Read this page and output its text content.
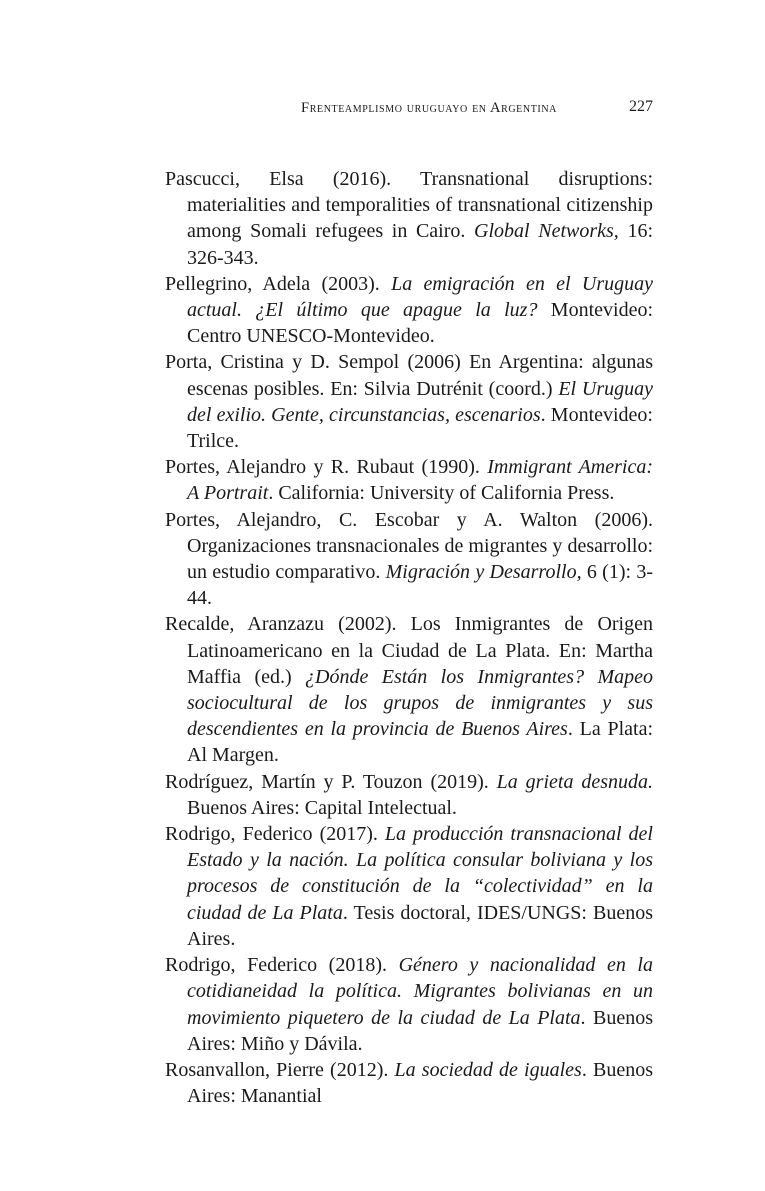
Frenteamplismo uruguayo en Argentina	227
Pascucci, Elsa (2016). Transnational disruptions: materialities and temporalities of transnational citizenship among Somali refugees in Cairo. Global Networks, 16: 326-343.
Pellegrino, Adela (2003). La emigración en el Uruguay actual. ¿El último que apague la luz? Montevideo: Centro UNESCO-Montevideo.
Porta, Cristina y D. Sempol (2006) En Argentina: algunas escenas posibles. En: Silvia Dutrénit (coord.) El Uruguay del exilio. Gente, circunstancias, escenarios. Montevideo: Trilce.
Portes, Alejandro y R. Rubaut (1990). Immigrant America: A Portrait. California: University of California Press.
Portes, Alejandro, C. Escobar y A. Walton (2006). Organizaciones transnacionales de migrantes y desarrollo: un estudio comparativo. Migración y Desarrollo, 6 (1): 3-44.
Recalde, Aranzazu (2002). Los Inmigrantes de Origen Latinoamericano en la Ciudad de La Plata. En: Martha Maffia (ed.) ¿Dónde Están los Inmigrantes? Mapeo sociocultural de los grupos de inmigrantes y sus descendientes en la provincia de Buenos Aires. La Plata: Al Margen.
Rodríguez, Martín y P. Touzon (2019). La grieta desnuda. Buenos Aires: Capital Intelectual.
Rodrigo, Federico (2017). La producción transnacional del Estado y la nación. La política consular boliviana y los procesos de constitución de la “colectividad” en la ciudad de La Plata. Tesis doctoral, IDES/UNGS: Buenos Aires.
Rodrigo, Federico (2018). Género y nacionalidad en la cotidianeidad la política. Migrantes bolivianas en un movimiento piquetero de la ciudad de La Plata. Buenos Aires: Miño y Dávila.
Rosanvallon, Pierre (2012). La sociedad de iguales. Buenos Aires: Manantial
